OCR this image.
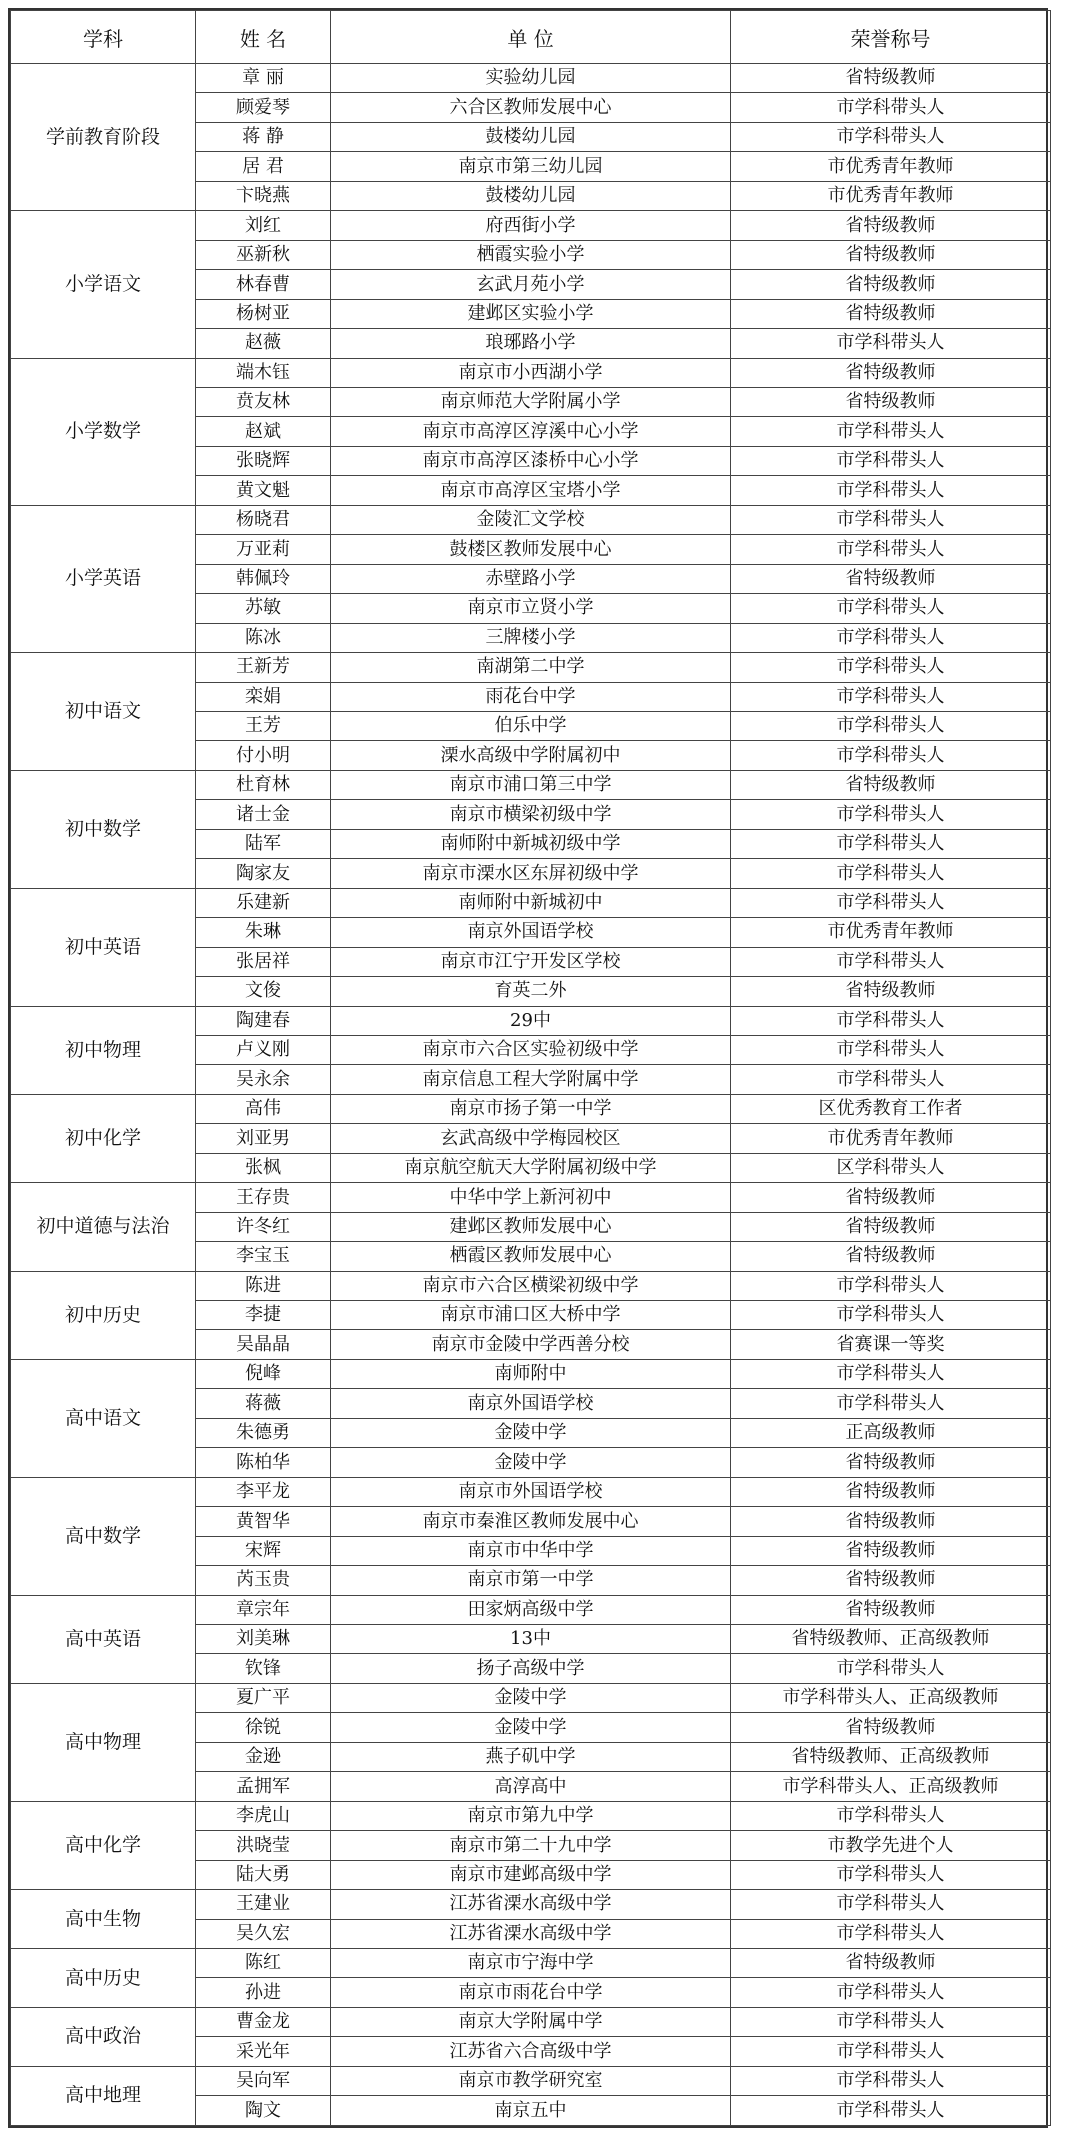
学科	姓 名	单 位	荣誉称号
学前教育阶段	章 丽	实验幼儿园	省特级教师
	顾爱琴	六合区教师发展中心	市学科带头人
	蒋 静	鼓楼幼儿园	市学科带头人
	居 君	南京市第三幼儿园	市优秀青年教师
	卞晓燕	鼓楼幼儿园	市优秀青年教师
小学语文	刘红	府西街小学	省特级教师
	巫新秋	栖霞实验小学	省特级教师
	林春曹	玄武月苑小学	省特级教师
	杨树亚	建邺区实验小学	省特级教师
	赵薇	琅琊路小学	市学科带头人
小学数学	端木钰	南京市小西湖小学	省特级教师
	贲友林	南京师范大学附属小学	省特级教师
	赵斌	南京市高淳区淳溪中心小学	市学科带头人
	张晓辉	南京市高淳区漆桥中心小学	市学科带头人
	黄文魁	南京市高淳区宝塔小学	市学科带头人
小学英语	杨晓君	金陵汇文学校	市学科带头人
	万亚莉	鼓楼区教师发展中心	市学科带头人
	韩佩玲	赤壁路小学	省特级教师
	苏敏	南京市立贤小学	市学科带头人
	陈冰	三牌楼小学	市学科带头人
初中语文	王新芳	南湖第二中学	市学科带头人
	栾娟	雨花台中学	市学科带头人
	王芳	伯乐中学	市学科带头人
	付小明	溧水高级中学附属初中	市学科带头人
初中数学	杜育林	南京市浦口第三中学	省特级教师
	诸士金	南京市横梁初级中学	市学科带头人
	陆军	南师附中新城初级中学	市学科带头人
	陶家友	南京市溧水区东屏初级中学	市学科带头人
初中英语	乐建新	南师附中新城初中	市学科带头人
	朱琳	南京外国语学校	市优秀青年教师
	张居祥	南京市江宁开发区学校	市学科带头人
	文俊	育英二外	省特级教师
初中物理	陶建春	29中	市学科带头人
	卢义刚	南京市六合区实验初级中学	市学科带头人
	吴永余	南京信息工程大学附属中学	市学科带头人
初中化学	高伟	南京市扬子第一中学	区优秀教育工作者
	刘亚男	玄武高级中学梅园校区	市优秀青年教师
	张枫	南京航空航天大学附属初级中学	区学科带头人
初中道德与法治	王存贵	中华中学上新河初中	省特级教师
	许冬红	建邺区教师发展中心	省特级教师
	李宝玉	栖霞区教师发展中心	省特级教师
初中历史	陈进	南京市六合区横梁初级中学	市学科带头人
	李捷	南京市浦口区大桥中学	市学科带头人
	吴晶晶	南京市金陵中学西善分校	省赛课一等奖
高中语文	倪峰	南师附中	市学科带头人
	蒋薇	南京外国语学校	市学科带头人
	朱德勇	金陵中学	正高级教师
	陈柏华	金陵中学	省特级教师
高中数学	李平龙	南京市外国语学校	省特级教师
	黄智华	南京市秦淮区教师发展中心	省特级教师
	宋辉	南京市中华中学	省特级教师
	芮玉贵	南京市第一中学	省特级教师
高中英语	章宗年	田家炳高级中学	省特级教师
	刘美琳	13中	省特级教师、正高级教师
	钦锋	扬子高级中学	市学科带头人
高中物理	夏广平	金陵中学	市学科带头人、正高级教师
	徐锐	金陵中学	省特级教师
	金逊	燕子矶中学	省特级教师、正高级教师
	孟拥军	高淳高中	市学科带头人、正高级教师
高中化学	李虎山	南京市第九中学	市学科带头人
	洪晓莹	南京市第二十九中学	市教学先进个人
	陆大勇	南京市建邺高级中学	市学科带头人
高中生物	王建业	江苏省溧水高级中学	市学科带头人
	吴久宏	江苏省溧水高级中学	市学科带头人
高中历史	陈红	南京市宁海中学	省特级教师
	孙进	南京市雨花台中学	市学科带头人
高中政治	曹金龙	南京大学附属中学	市学科带头人
	采光年	江苏省六合高级中学	市学科带头人
高中地理	吴向军	南京市教学研究室	市学科带头人
	陶文	南京五中	市学科带头人
